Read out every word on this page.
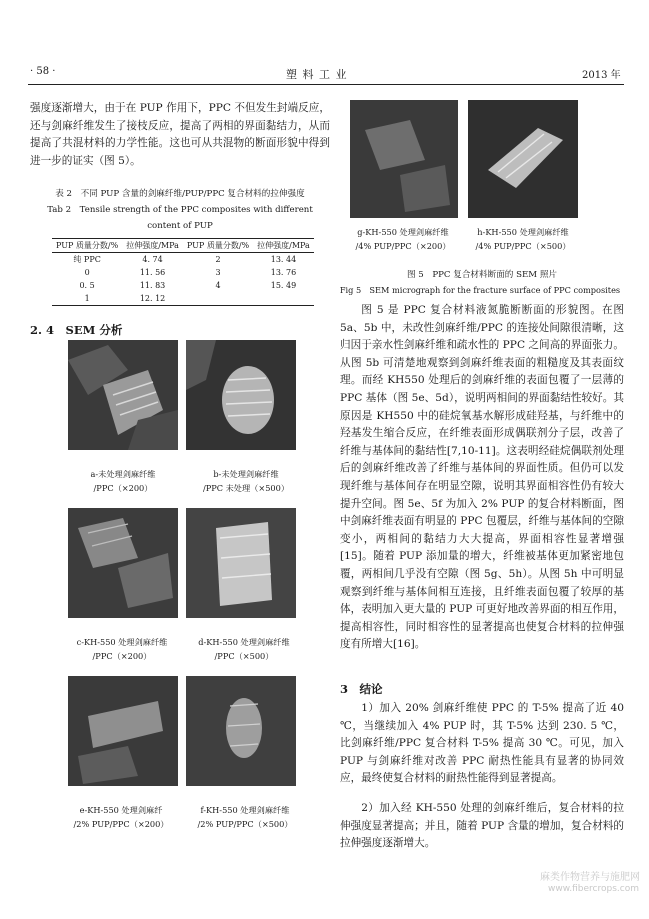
· 58 ·	塑 料 工 业	2013 年
强度逐渐增大，由于在 PUP 作用下，PPC 不但发生封端反应，还与剑麻纤维发生了接枝反应，提高了两相的界面黏结力，从而提高了共混材料的力学性能。这也可从共混物的断面形貌中得到进一步的证实（图 5）。
表 2　不同 PUP 含量的剑麻纤维/PUP/PPC 复合材料的拉伸强度
Tab 2　Tensile strength of the PPC composites with different
content of PUP
PUP 质量分数/%	拉伸强度/MPa	PUP 质量分数/%	拉伸强度/MPa
纯 PPC	4. 74	2	13. 44
0	11. 56	3	13. 76
0. 5	11. 83	4	15. 49
1	12. 12		
2. 4　SEM 分析
a-未处理剑麻纤维
/PPC（×200）
b-未处理剑麻纤维
/PPC 未处理（×500）
c-KH-550 处理剑麻纤维
/PPC（×200）
d-KH-550 处理剑麻纤维
/PPC（×500）
e-KH-550 处理剑麻纤
/2% PUP/PPC（×200）
f-KH-550 处理剑麻纤维
/2% PUP/PPC（×500）
g-KH-550 处理剑麻纤维
/4% PUP/PPC（×200）
h-KH-550 处理剑麻纤维
/4% PUP/PPC（×500）
图 5　PPC 复合材料断面的 SEM 照片
Fig 5　SEM micrograph for the fracture surface of PPC composites
图 5 是 PPC 复合材料液氮脆断断面的形貌图。在图 5a、5b 中，未改性剑麻纤维/PPC 的连接处间隙很清晰，这归因于亲水性剑麻纤维和疏水性的 PPC 之间高的界面张力。从图 5b 可清楚地观察到剑麻纤维表面的粗糙度及其表面纹理。而经 KH550 处理后的剑麻纤维的表面包覆了一层薄的 PPC 基体（图 5e、5d），说明两相间的界面黏结性较好。其原因是 KH550 中的硅烷氧基水解形成硅羟基，与纤维中的羟基发生缩合反应，在纤维表面形成偶联剂分子层，改善了纤维与基体间的黏结性[7,10-11]。这表明经硅烷偶联剂处理后的剑麻纤维改善了纤维与基体间的界面性质。但仍可以发现纤维与基体间存在明显空隙，说明其界面相容性仍有较大提升空间。图 5e、5f 为加入 2% PUP 的复合材料断面，图中剑麻纤维表面有明显的 PPC 包覆层，纤维与基体间的空隙变小，两相间的黏结力大大提高，界面相容性显著增强[15]。随着 PUP 添加量的增大，纤维被基体更加紧密地包覆，两相间几乎没有空隙（图 5g、5h）。从图 5h 中可明显观察到纤维与基体间相互连接，且纤维表面包覆了较厚的基体，表明加入更大量的 PUP 可更好地改善界面的相互作用，提高相容性，同时相容性的显著提高也使复合材料的拉伸强度有所增大[16]。
3　结论
1）加入 20% 剑麻纤维使 PPC 的 T-5% 提高了近 40 ℃，当继续加入 4% PUP 时，其 T-5% 达到 230. 5 ℃，比剑麻纤维/PPC 复合材料 T-5% 提高 30 ℃。可见，加入 PUP 与剑麻纤维对改善 PPC 耐热性能具有显著的协同效应，最终使复合材料的耐热性能得到显著提高。
2）加入经 KH-550 处理的剑麻纤维后，复合材料的拉伸强度显著提高；并且，随着 PUP 含量的增加，复合材料的拉伸强度逐渐增大。
麻类作物营养与施肥网
www.fibercrops.com
